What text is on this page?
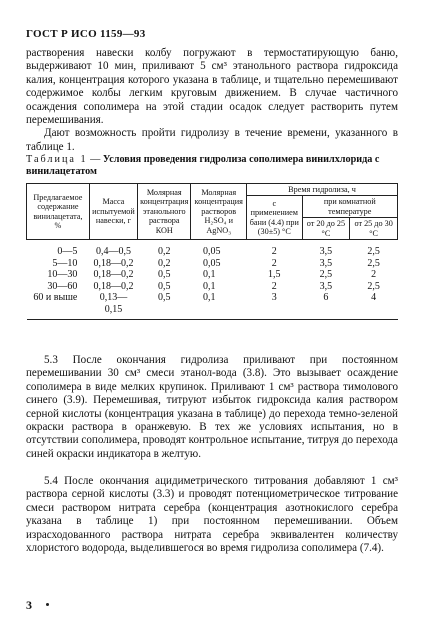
ГОСТ Р ИСО 1159—93

растворения навески колбу погружают в термостатирующую баню, выдерживают 10 мин, приливают 5 см³ этанольного раствора гидроксида калия, концентрация которого указана в таблице, и тщательно перемешивают содержимое колбы легким круговым движением. В случае частичного осаждения сополимера на этой стадии осадок следует растворить путем перемешивания.

Дают возможность пройти гидролизу в течение времени, указанного в таблице 1.

Таблица 1 — Условия проведения гидролиза сополимера винилхлорида с винилацетатом
Предлагаемое содержание винилацетата, %	Масса испытуемой навески, г	Молярная концентрация этанольного раствора КОН	Молярная концентрация растворов H₂SO₄ и AgNO₃	Время гидролиза, ч		
				с применением бани (4.4) при (30±5) °С	при комнатной температуре	
					от 20 до 25 °С	от 25 до 30 °С
0—5	0,4—0,5	0,2	0,05	2	3,5	2,5
5—10	0,18—0,2	0,2	0,05	2	3,5	2,5
10—30	0,18—0,2	0,5	0,1	1,5	2,5	2
30—60	0,18—0,2	0,5	0,1	2	3,5	2,5
60 и выше	0,13—0,15	0,5	0,1	3	6	4

5.3 После окончания гидролиза приливают при постоянном перемешивании 30 см³ смеси этанол-вода (3.8). Это вызывает осаждение сополимера в виде мелких крупинок. Приливают 1 см³ раствора тимолового синего (3.9). Перемешивая, титруют избыток гидроксида калия раствором серной кислоты (концентрация указана в таблице) до перехода темно-зеленой окраски раствора в оранжевую. В тех же условиях испытания, но в отсутствии сополимера, проводят контрольное испытание, титруя до перехода синей окраски индикатора в желтую.

5.4 После окончания ацидиметрического титрования добавляют 1 см³ раствора серной кислоты (3.3) и проводят потенциометрическое титрование смеси раствором нитрата серебра (концентрация азотнокислого серебра указана в таблице 1) при постоянном перемешивании. Объем израсходованного раствора нитрата серебра эквивалентен количеству хлористого водорода, выделившегося во время гидролиза сополимера (7.4).

3
